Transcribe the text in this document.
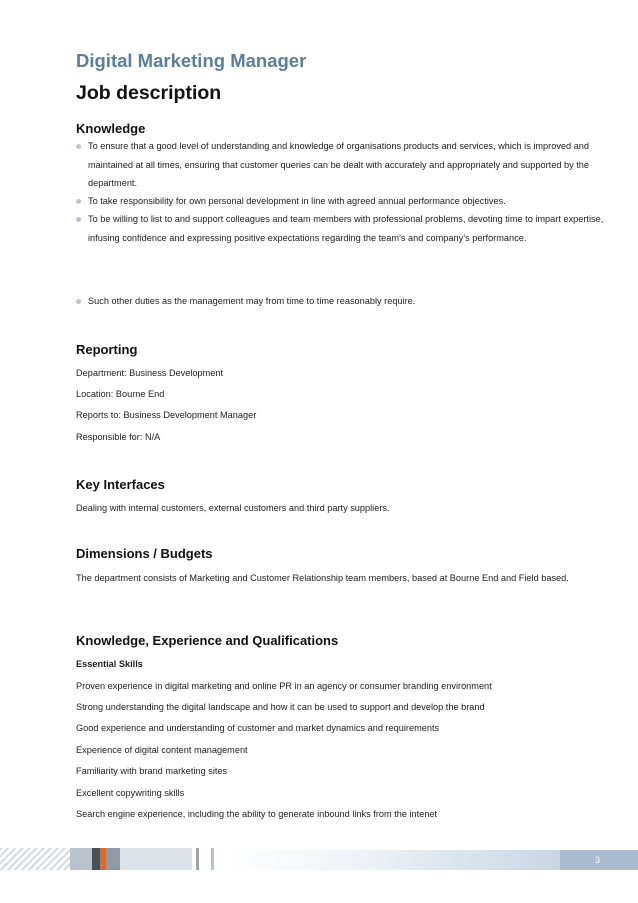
Digital Marketing Manager
Job description
Knowledge
To ensure that a good level of understanding and knowledge of organisations products and services, which is improved and maintained at all times, ensuring that customer queries can be dealt with accurately and appropriately and supported by the department.
To take responsibility for own personal development in line with agreed annual performance objectives.
To be willing to list to and support colleagues and team members with professional problems, devoting time to impart expertise, infusing confidence and expressing positive expectations regarding the team’s and company’s performance.
Such other duties as the management may from time to time reasonably require.
Reporting

Department: Business Development

Location: Bourne End

Reports to: Business Development Manager

Responsible for: N/A

Key Interfaces

Dealing with internal customers, external customers and third party suppliers.

Dimensions / Budgets

The department consists of Marketing and Customer Relationship team members, based at Bourne End and Field based.

Knowledge, Experience and Qualifications

Essential Skills

Proven experience in digital marketing and online PR in an agency or consumer branding environment

Strong understanding the digital landscape and how it can be used to support and develop the brand

Good experience and understanding of customer and market dynamics and requirements

Experience of digital content management

Familiarity with brand marketing sites

Excellent copywriting skills

Search engine experience, including the ability to generate inbound links from the intenet

3
